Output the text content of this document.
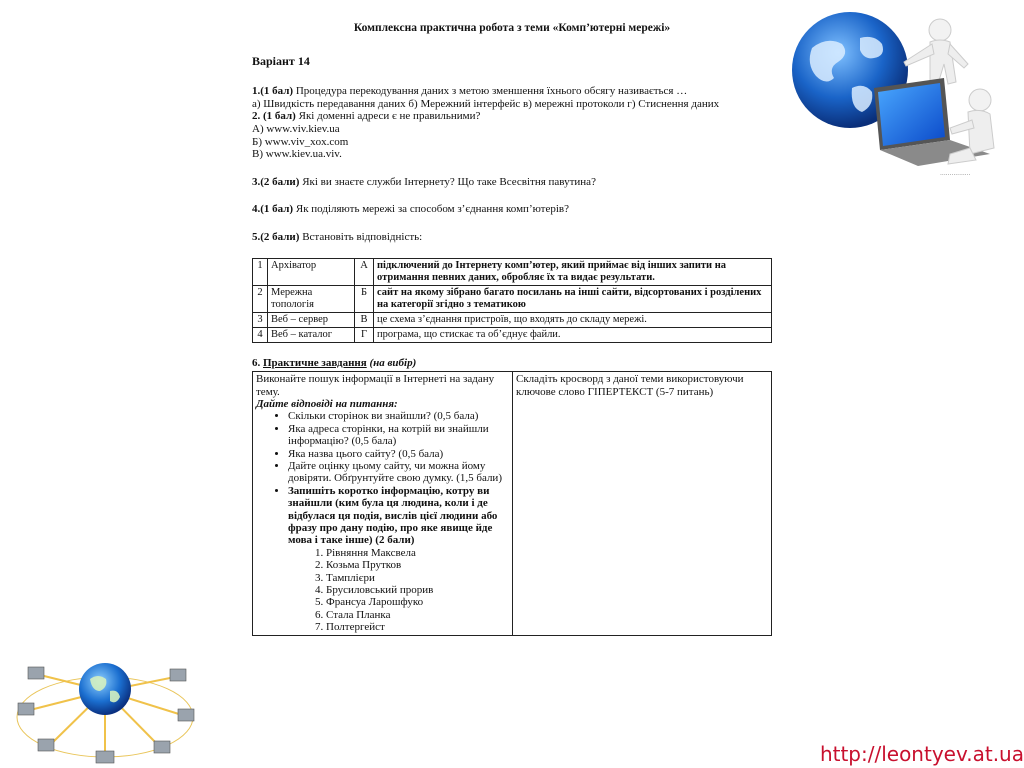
................

Комплексна практична робота з теми «Комп’ютерні мережі»

Варіант 14

1.(1 бал) Процедура перекодування даних з метою зменшення їхнього обсягу називається …

а) Швидкість передавання даних б) Мережний інтерфейс в) мережні протоколи г) Стиснення даних

2. (1 бал) Які доменні адреси є не правильними?

А) www.viv.kiev.ua

Б) www.viv_xox.com

В) www.kiev.ua.viv.

3.(2 бали) Які ви знаєте служби Інтернету? Що таке Всесвітня павутина?

4.(1 бал) Як поділяють мережі за способом з’єднання комп’ютерів?

5.(2 бали) Встановіть відповідність:

1	Архіватор	А	підключений до Інтернету комп’ютер, який приймає від інших запити на отримання певних даних, обробляє їх та видає результати.
2	Мережна топологія	Б	сайт на якому зібрано багато посилань на інші сайти, відсортованих і розділених на категорії згідно з тематикою
3	Веб – сервер	В	це схема з’єднання пристроїв, що входять до складу мережі.
4	Веб – каталог	Г	програма, що стискає та об’єднує файли.

6. Практичне завдання (на вибір)

Виконайте пошук інформації в Інтернеті на задану тему.
Дайте відповіді на питання:
• Скільки сторінок ви знайшли? (0,5 бала)
• Яка адреса сторінки, на котрій ви знайшли інформацію? (0,5 бала)
• Яка назва цього сайту? (0,5 бала)
• Дайте оцінку цьому сайту, чи можна йому довіряти. Обґрунтуйте свою думку. (1,5 бали)
• Запишіть коротко інформацію, котру ви знайшли (ким була ця людина, коли і де відбулася ця подія, вислів цієї людини або фразу про дану подію, про яке явище йде мова і таке інше) (2 бали)
1. Рівняння Максвела
2. Козьма Прутков
3. Тамплієри
4. Брусиловський прорив
5. Франсуа Ларошфуко
6. Стала Планка
7. Полтергейст
	Складіть кросворд з даної теми використовуючи ключове слово ГІПЕРТЕКСТ (5-7 питань)
http://leontyev.at.ua
